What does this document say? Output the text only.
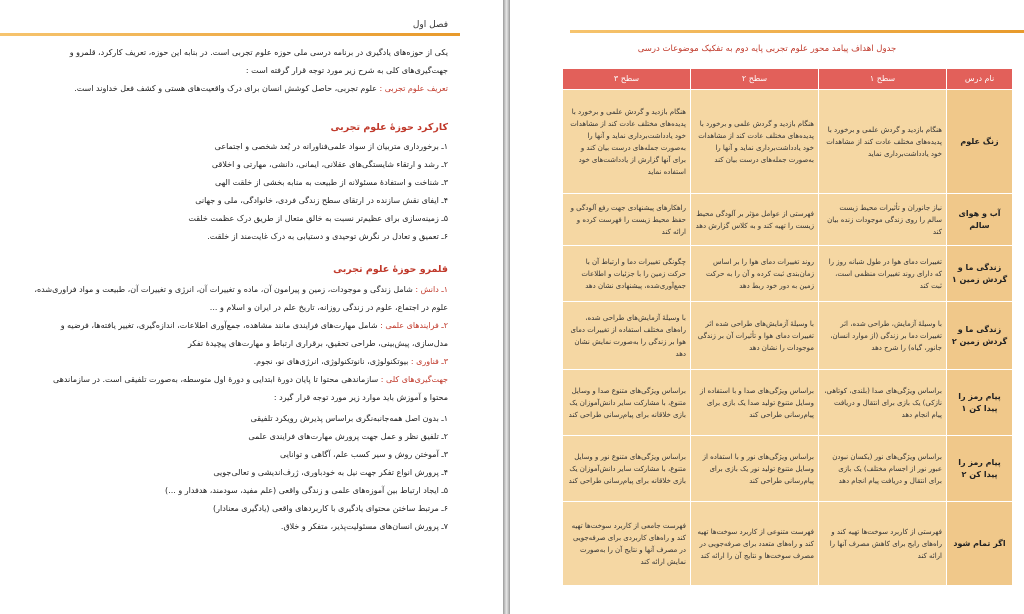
فصل اول
یکی از حوزه‌های یادگیری در برنامه درسی ملی حوزه علوم تجربی است. در بنابه این حوزه، تعریف کارکرد، قلمرو و
جهت‌گیری‌های کلی به شرح زیر مورد توجه قرار گرفته است :
تعریف علوم تجربی : علوم تجربی، حاصل کوشش انسان برای درک واقعیت‌های هستی و کشف فعل خداوند است.
کارکرد حوزهٔ علوم تجربی
۱ـ برخورداری متربیان از سواد علمی‌فناورانه در بُعد شخصی و اجتماعی
۲ـ رشد و ارتقاء شایستگی‌های عقلانی، ایمانی، دانشی، مهارتی و اخلاقی
۳ـ شناخت و استفادهٔ مسئولانه از طبیعت به منابه بخشی از خلقت الهی
۴ـ ایفای نقش سازنده در ارتقای سطح زندگی فردی، خانوادگی، ملی و جهانی
۵ـ زمینه‌سازی برای عظیم‌تر نسبت به خالق متعال از طریق درک عظمت خلقت
۶ـ تعمیق و تعادل در نگرش توحیدی و دستیابی به درک غایت‌مند از خلقت.
قلمرو حوزهٔ علوم تجربی
۱ـ دانش : شامل زندگی و موجودات، زمین و پیرامون آن، ماده و تغییرات آن، انرژی و تغییرات آن، طبیعت و مواد فراوری‌شده،
علوم در اجتماع، علوم در زندگی روزانه، تاریخ علم در ایران و اسلام و ...
۲ـ فرایندهای علمی : شامل مهارت‌های فرایندی مانند مشاهده، جمع‌آوری اطلاعات، اندازه‌گیری، تغییر یافته‌ها، فرضیه و
مدل‌سازی، پیش‌بینی، طراحی تحقیق، برقراری ارتباط و مهارت‌های پیچیدهٔ تفکر
۳ـ فناوری : بیوتکنولوژی، نانوتکنولوژی، انرژی‌های نو، نجوم.
جهت‌گیری‌های کلی : سازماندهی محتوا تا پایان دورهٔ ابتدایی و دورهٔ اول متوسطه، به‌صورت تلفیقی است. در سازماندهی
محتوا و آموزش باید موارد زیر مورد توجه قرار گیرد :
۱ـ بدون اصل همه‌جانبه‌نگری براساس پذیرش رویکرد تلفیقی
۲ـ تلفیق نظر و عمل جهت پرورش مهارت‌های فرایندی علمی
۳ـ آموختن روش و سیر کسب علم، آگاهی و توانایی
۴ـ پرورش انواع تفکر جهت نیل به خودباوری، ژرف‌اندیشی و تعالی‌جویی
۵ـ ایجاد ارتباط بین آموزه‌های علمی و زندگی واقعی (علم مفید، سودمند، هدفدار و ...)
۶ـ مرتبط ساختن محتوای یادگیری با کاربردهای واقعی (یادگیری معنادار)
۷ـ پرورش انسان‌های مسئولیت‌پذیر، متفکر و خلاق.
جدول اهداف پیامد محور علوم تجربی پایه دوم به تفکیک موضوعات درسی
نام درس	سطح ۱	سطح ۲	سطح ۳
زنگ علوم	هنگام بازدید و گردش علمی و برخورد با پدیده‌های مختلف عادت کند از مشاهدات خود یادداشت‌برداری نماید	هنگام بازدید و گردش علمی و برخورد با پدیده‌های مختلف عادت کند از مشاهدات خود یادداشت‌برداری نماید و آنها را به‌صورت جمله‌های درست بیان کند	هنگام بازدید و گردش علمی و برخورد با پدیده‌های مختلف عادت کند از مشاهدات خود یادداشت‌برداری نماید و آنها را به‌صورت جمله‌های درست بیان کند و برای آنها گزارش از یادداشت‌های خود استفاده نماید
آب و هوای سالم	نیاز جانوران و تأثیرات محیط زیست سالم را روی زندگی موجودات زنده بیان کند	فهرستی از عوامل مؤثر بر آلودگی محیط زیست را تهیه کند و به کلاس گزارش دهد	راهکارهای پیشنهادی جهت رفع آلودگی و حفظ محیط زیست را فهرست کرده و ارائه کند
زندگی ما و گردش زمین ۱	تغییرات دمای هوا در طول شبانه روز را که دارای روند تغییرات منظمی است، ثبت کند	روند تغییرات دمای هوا را بر اساس زمان‌بندی ثبت کرده و آن را به حرکت زمین به دور خود ربط دهد	چگونگی تغییرات دما و ارتباط آن با حرکت زمین را با جزئیات و اطلاعات جمع‌آوری‌شده، پیشنهادی نشان دهد
زندگی ما و گردش زمین ۲	با وسیلهٔ آزمایش، طراحی شده، اثر تغییرات دما بر زندگی (از موارد انسان، جانور، گیاه) را شرح دهد	با وسیلهٔ آزمایش‌های طراحی شده اثر تغییرات دمای هوا و تأثیرات آن بر زندگی موجودات را نشان دهد	با وسیلهٔ آزمایش‌های طراحی شده، راه‌های مختلف استفاده از تغییرات دمای هوا بر زندگی را به‌صورت نمایش نشان دهد
پیام رمز را پیدا کن ۱	براساس ویژگی‌های صدا (بلندی، کوتاهی، نازکی) یک بازی برای انتقال و دریافت پیام انجام دهد	براساس ویژگی‌های صدا و با استفاده از وسایل متنوع تولید صدا یک بازی برای پیام‌رسانی طراحی کند	براساس ویژگی‌های متنوع صدا و وسایل متنوع، با مشارکت سایر دانش‌آموزان یک بازی خلاقانه برای پیام‌رسانی طراحی کند
پیام رمز را پیدا کن ۲	براساس ویژگی‌های نور (یکسان نبودن عبور نور از اجسام مختلف) یک بازی برای انتقال و دریافت پیام انجام دهد	براساس ویژگی‌های نور و با استفاده از وسایل متنوع تولید نور یک بازی برای پیام‌رسانی طراحی کند	براساس ویژگی‌های متنوع نور و وسایل متنوع، با مشارکت سایر دانش‌آموزان یک بازی خلاقانه برای پیام‌رسانی طراحی کند
اگر تمام شود	فهرستی از کاربرد سوخت‌ها تهیه کند و راه‌های رایج برای کاهش مصرف آنها را ارائه کند	فهرست متنوعی از کاربرد سوخت‌ها تهیه کند و راه‌های متعدد برای صرفه‌جویی در مصرف سوخت‌ها و نتایج آن را ارائه کند	فهرست جامعی از کاربرد سوخت‌ها تهیه کند و راه‌های کاربردی برای صرفه‌جویی در مصرف آنها و نتایج آن را به‌صورت نمایش ارائه کند
